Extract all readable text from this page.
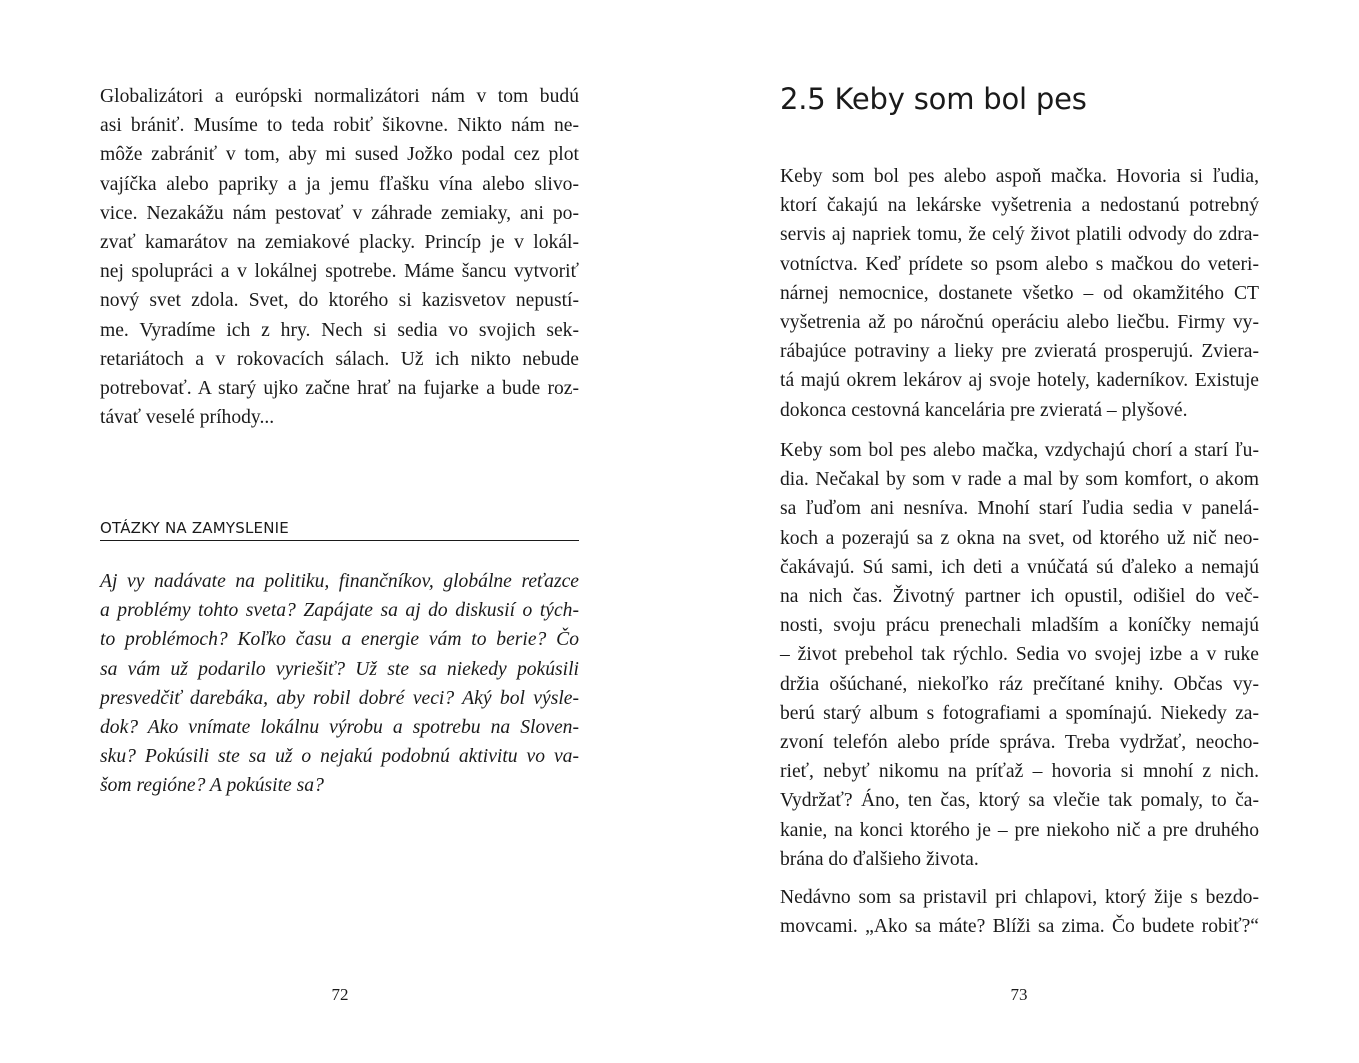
Globalizátori a európski normalizátori nám v tom budú
asi brániť. Musíme to teda robiť šikovne. Nikto nám ne-
môže zabrániť v tom, aby mi sused Jožko podal cez plot
vajíčka alebo papriky a ja jemu fľašku vína alebo slivo-
vice. Nezakážu nám pestovať v záhrade zemiaky, ani po-
zvať kamarátov na zemiakové placky. Princíp je v lokál-
nej spolupráci a v lokálnej spotrebe. Máme šancu vytvoriť
nový svet zdola. Svet, do ktorého si kazisvetov nepustí-
me. Vyradíme ich z hry. Nech si sedia vo svojich sek-
retariátoch a v rokovacích sálach. Už ich nikto nebude
potrebovať. A starý ujko začne hrať na fujarke a bude roz-
távať veselé príhody...

OTÁZKY NA ZAMYSLENIE

Aj vy nadávate na politiku, finančníkov, globálne reťazce
a problémy tohto sveta? Zapájate sa aj do diskusií o tých-
to problémoch? Koľko času a energie vám to berie? Čo
sa vám už podarilo vyriešiť? Už ste sa niekedy pokúsili
presvedčiť darebáka, aby robil dobré veci? Aký bol výsle-
dok? Ako vnímate lokálnu výrobu a spotrebu na Sloven-
sku? Pokúsili ste sa už o nejakú podobnú aktivitu vo va-
šom regióne? A pokúsite sa?

72
2.5 Keby som bol pes

Keby som bol pes alebo aspoň mačka. Hovoria si ľudia,
ktorí čakajú na lekárske vyšetrenia a nedostanú potrebný
servis aj napriek tomu, že celý život platili odvody do zdra-
votníctva. Keď prídete so psom alebo s mačkou do veteri-
nárnej nemocnice, dostanete všetko – od okamžitého CT
vyšetrenia až po náročnú operáciu alebo liečbu. Firmy vy-
rábajúce potraviny a lieky pre zvieratá prosperujú. Zviera-
tá majú okrem lekárov aj svoje hotely, kaderníkov. Existuje
dokonca cestovná kancelária pre zvieratá – plyšové.

Keby som bol pes alebo mačka, vzdychajú chorí a starí ľu-
dia. Nečakal by som v rade a mal by som komfort, o akom
sa ľuďom ani nesníva. Mnohí starí ľudia sedia v panelá-
koch a pozerajú sa z okna na svet, od ktorého už nič neo-
čakávajú. Sú sami, ich deti a vnúčatá sú ďaleko a nemajú
na nich čas. Životný partner ich opustil, odišiel do več-
nosti, svoju prácu prenechali mladším a koníčky nemajú
– život prebehol tak rýchlo. Sedia vo svojej izbe a v ruke
držia ošúchané, niekoľko ráz prečítané knihy. Občas vy-
berú starý album s fotografiami a spomínajú. Niekedy za-
zvoní telefón alebo príde správa. Treba vydržať, neocho-
rieť, nebyť nikomu na príťaž – hovoria si mnohí z nich.
Vydržať? Áno, ten čas, ktorý sa vlečie tak pomaly, to ča-
kanie, na konci ktorého je – pre niekoho nič a pre druhého
brána do ďalšieho života.

Nedávno som sa pristavil pri chlapovi, ktorý žije s bezdo-
movcami. „Ako sa máte? Blíži sa zima. Čo budete robiť?“

73
